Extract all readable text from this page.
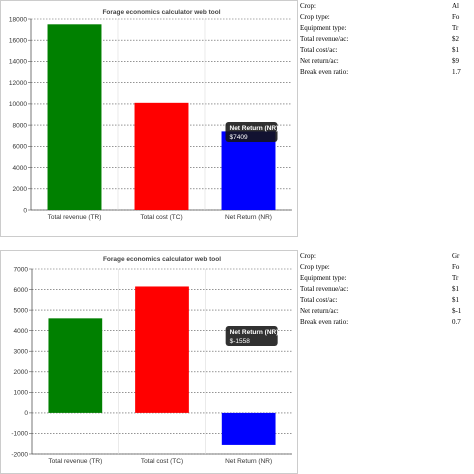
Forage economics calculator web tool
0
2000
4000
6000
8000
10000
12000
14000
16000
18000
Total revenue (TR)	Total cost (TC)	Net Return (NR)
Net Return (NR)
$7409
Crop:	Al
Crop type:	Fo
Equipment type:	Tr
Total revenue/ac:	$2
Total cost/ac:	$1
Net return/ac:	$9
Break even ratio:	1.7
Forage economics calculator web tool
-2000
-1000
0
1000
2000
3000
4000
5000
6000
7000
Total revenue (TR)	Total cost (TC)	Net Return (NR)
Net Return (NR)
$-1558
Crop:	Gr
Crop type:	Fo
Equipment type:	Tr
Total revenue/ac:	$1
Total cost/ac:	$1
Net return/ac:	$-1
Break even ratio:	0.7
